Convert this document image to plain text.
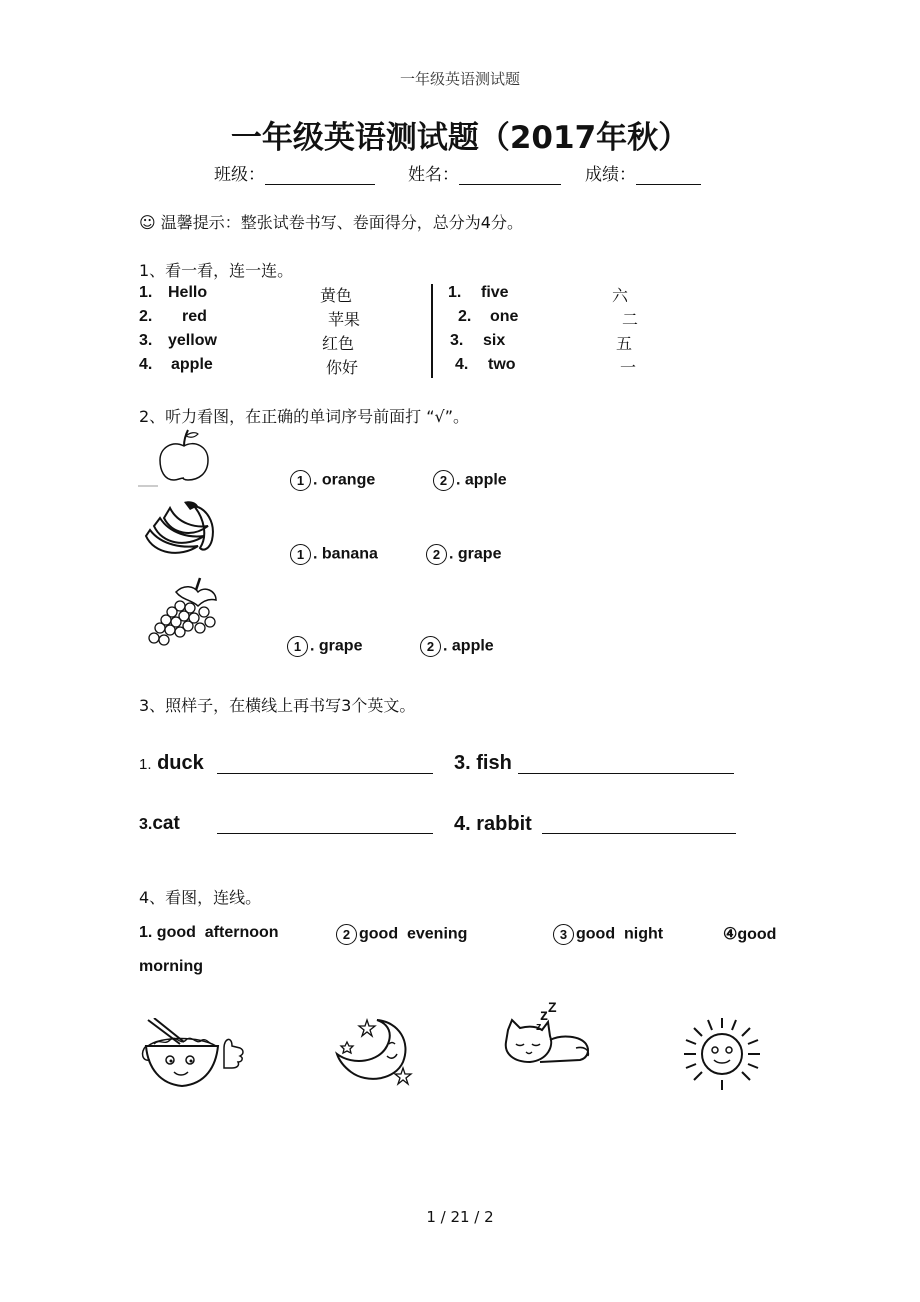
一年级英语测试题
一年级英语测试题（2017年秋）
班级：	姓名：	成绩：
☺ 温馨提示：整张试卷书写、卷面得分，总分为4分。
1、看一看，连一连。
1. Hello	黄色
2. red	苹果
3. yellow	红色
4. apple	你好
1. five	六
2. one	二
3. six	五
4. two	一
2、听力看图，在正确的单词序号前面打 “√”。
1 . orange	2 . apple
1 . banana	2 . grape
1 . grape	2 . apple
3、照样子，在横线上再书写3个英文。
1. duck	3. fish
3.cat	4. rabbit
4、看图，连线。
1. good  afternoon	2 good  evening	3 good  night	④good
morning
z Z
z
1 / 21 / 2
